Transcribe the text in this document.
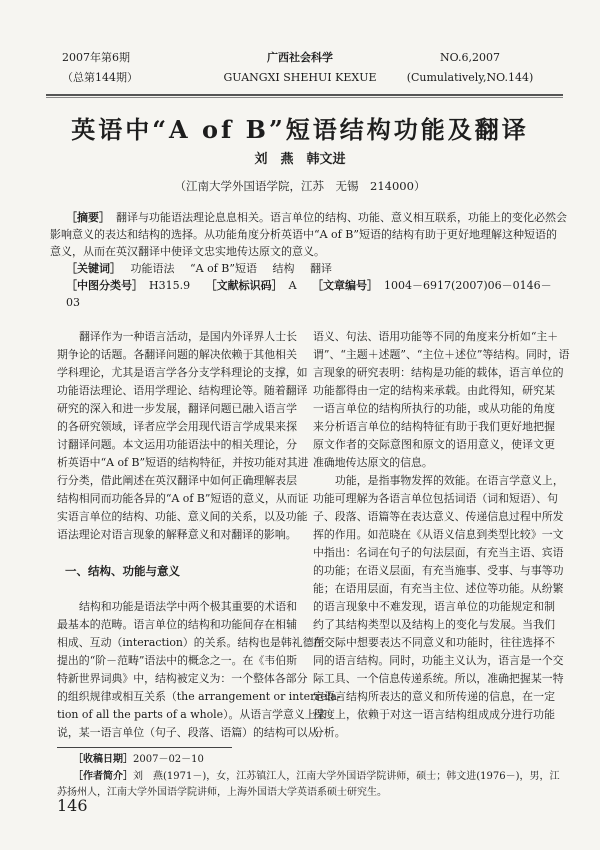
2007年第6期
（总第144期）
广西社会科学
GUANGXI SHEHUI KEXUE
NO.6,2007
(Cumulatively,NO.144)
英语中“A of B”短语结构功能及翻译
刘　燕　韩文进
（江南大学外国语学院，江苏　无锡　214000）
［摘要］ 翻译与功能语法理论息息相关。语言单位的结构、功能、意义相互联系，功能上的变化必然会
影响意义的表达和结构的选择。从功能角度分析英语中“A of B”短语的结构有助于更好地理解这种短语的
意义，从而在英汉翻译中使译文忠实地传达原文的意义。
［关键词］ 功能语法 “A of B”短语 结构 翻译
［中图分类号］ H315.9 ［文献标识码］ A ［文章编号］ 1004－6917(2007)06－0146－03
翻译作为一种语言活动，是国内外译界人士长
期争论的话题。各翻译问题的解决依赖于其他相关
学科理论，尤其是语言学各分支学科理论的支撑，如
功能语法理论、语用学理论、结构理论等。随着翻译
研究的深入和进一步发展，翻译问题已融入语言学
的各研究领域，译者应学会用现代语言学成果来探
讨翻译问题。本文运用功能语法中的相关理论，分
析英语中“A of B”短语的结构特征，并按功能对其进
行分类，借此阐述在英汉翻译中如何正确理解表层
结构相同而功能各异的“A of B”短语的意义，从而证
实语言单位的结构、功能、意义间的关系，以及功能
语法理论对语言现象的解释意义和对翻译的影响。
一、结构、功能与意义
结构和功能是语法学中两个极其重要的术语和
最基本的范畴。语言单位的结构和功能间存在相辅
相成、互动（interaction）的关系。结构也是韩礼德所
提出的“阶－范畴”语法中的概念之一。在《韦伯斯
特新世界词典》中，结构被定义为：一个整体各部分
的组织规律或相互关系（the arrangement or interrela-
tion of all the parts of a whole）。从语言学意义上来
说，某一语言单位（句子、段落、语篇）的结构可以从
语义、句法、语用功能等不同的角度来分析如“主＋
谓”、“主题＋述题”、“主位＋述位”等结构。同时，语
言现象的研究表明：结构是功能的载体，语言单位的
功能都得由一定的结构来承载。由此得知，研究某
一语言单位的结构所执行的功能，或从功能的角度
来分析语言单位的结构特征有助于我们更好地把握
原文作者的交际意图和原文的语用意义，使译文更
准确地传达原文的信息。
功能，是指事物发挥的效能。在语言学意义上，
功能可理解为各语言单位包括词语（词和短语）、句
子、段落、语篇等在表达意义、传递信息过程中所发
挥的作用。如范晓在《从语义信息到类型比较》一文
中指出：名词在句子的句法层面，有充当主语、宾语
的功能；在语义层面，有充当施事、受事、与事等功
能；在语用层面，有充当主位、述位等功能。从纷繁
的语言现象中不难发现，语言单位的功能规定和制
约了其结构类型以及结构上的变化与发展。当我们
在交际中想要表达不同意义和功能时，往往选择不
同的语言结构。同时，功能主义认为，语言是一个交
际工具、一个信息传递系统。所以，准确把握某一特
定语言结构所表达的意义和所传递的信息，在一定
程度上，依赖于对这一语言结构组成成分进行功能
分析。
［收稿日期］2007－02－10
［作者简介］刘　燕(1971－)，女，江苏镇江人，江南大学外国语学院讲师，硕士；韩文进(1976－)，男，江
苏扬州人，江南大学外国语学院讲师，上海外国语大学英语系硕士研究生。
146
